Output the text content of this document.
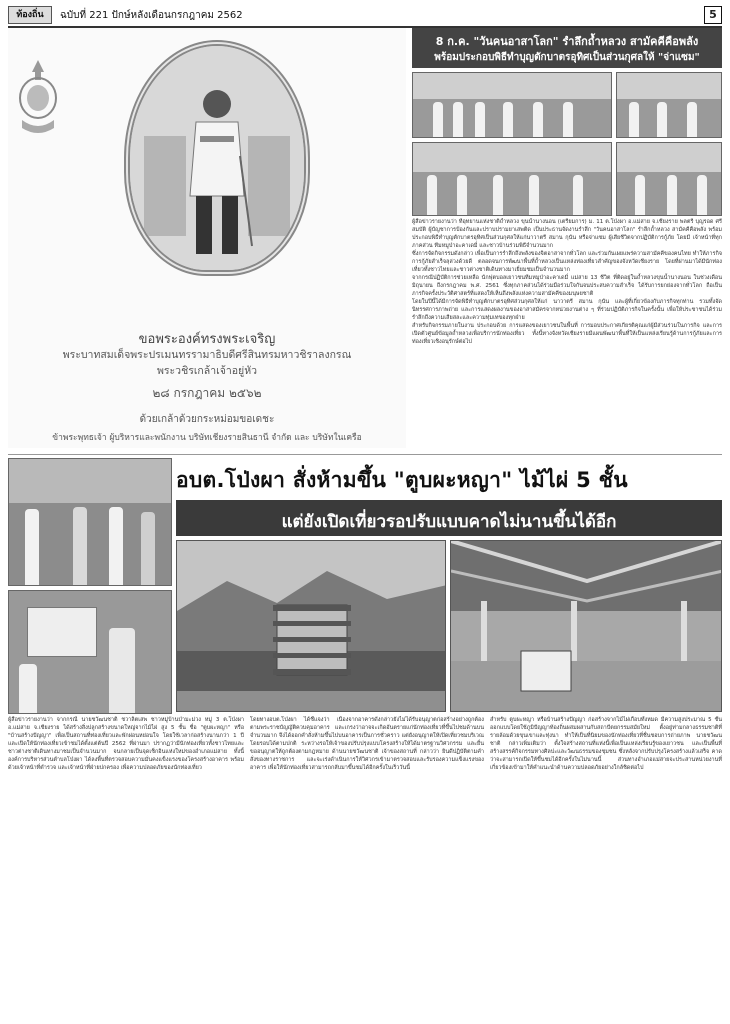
ท้องถิ่น	ฉบับที่ 221 ปักษ์หลังเดือนกรกฎาคม 2562	5
ขอพระองค์ทรงพระเจริญ
พระบาทสมเด็จพระปรเมนทรรามาธิบดีศรีสินทรมหาวชิราลงกรณ
พระวชิรเกล้าเจ้าอยู่หัว
๒๘ กรกฎาคม ๒๕๖๒
ด้วยเกล้าด้วยกระหม่อมขอเดชะ
ข้าพระพุทธเจ้า ผู้บริหารและพนักงาน บริษัทเชียงรายสินธานี จำกัด และ บริษัทในเครือ
8 ก.ค. "วันคนอาสาโลก" รำลึกถ้ำหลวง สามัคคีคือพลัง
พร้อมประกอบพิธีทำบุญตักบาตรอุทิศเป็นส่วนกุศลให้ "จ่าแซม"

ผู้สื่อข่าวรายงานว่า ที่อุทยานแห่งชาติถ้ำหลวง ขุนน้ำนางนอน (เตรียมการ) ม. 11 ต.โป่งผา อ.แม่สาย จ.เชียงราย พลตรี บุญรอด ศรีสมบัติ ผู้บัญชาการป้องกันและปราบปรามยาเสพติด เป็นประธานจัดงานรำลึก "วันคนอาสาโลก" รำลึกถ้ำหลวง สามัคคีคือพลัง พร้อมประกอบพิธีทำบุญตักบาตรอุทิศเป็นส่วนกุศลให้แก่นาวาตรี สมาน กุนัน หรือจ่าแซม ผู้เสียชีวิตจากปฏิบัติการกู้ภัย โดยมี เจ้าหน้าที่ทุกภาคส่วน ทีมหมูป่าอะคาเดมี่ และชาวบ้านร่วมพิธีจำนวนมาก

ซึ่งการจัดกิจกรรมดังกล่าว เพื่อเป็นการรำลึกถึงพลังของจิตอาสาจากทั่วโลก และร่วมกันเผยแพร่ความสามัคคีของคนไทย ทำให้ภารกิจการกู้ภัยสำเร็จลุล่วงด้วยดี ตลอดจนการพัฒนาพื้นที่ถ้ำหลวงเป็นแหล่งท่องเที่ยวสำคัญของจังหวัดเชียงราย โดยที่ผ่านมาได้มีนักท่องเที่ยวทั้งชาวไทยและชาวต่างชาติเดินทางมาเยี่ยมชมเป็นจำนวนมาก

จากกรณีปฏิบัติการช่วยเหลือ นักฟุตบอลเยาวชนทีมหมูป่าอะคาเดมี่ แม่สาย 13 ชีวิต ที่ติดอยู่ในถ้ำหลวงขุนน้ำนางนอน ในช่วงเดือนมิถุนายน ถึงกรกฎาคม พ.ศ. 2561 ซึ่งทุกภาคส่วนได้ร่วมมือร่วมใจกันจนประสบความสำเร็จ ได้รับการยกย่องจากทั่วโลก ถือเป็นภารกิจครั้งประวัติศาสตร์ที่แสดงให้เห็นถึงพลังแห่งความสามัคคีของมนุษยชาติ

โดยในปีนี้ได้มีการจัดพิธีทำบุญตักบาตรอุทิศส่วนกุศลให้แก่ นาวาตรี สมาน กุนัน และผู้ที่เกี่ยวข้องกับภารกิจทุกท่าน รวมทั้งจัดนิทรรศการภาพถ่าย และการแสดงผลงานของอาสาสมัครจากหน่วยงานต่าง ๆ ที่ร่วมปฏิบัติภารกิจในครั้งนั้น เพื่อให้ประชาชนได้ร่วมรำลึกถึงความเสียสละและความทุ่มเทของทุกฝ่าย

สำหรับกิจกรรมภายในงาน ประกอบด้วย การแสดงของเยาวชนในพื้นที่ การมอบประกาศเกียรติคุณแก่ผู้มีส่วนร่วมในภารกิจ และการเปิดตัวศูนย์ข้อมูลถ้ำหลวงเพื่อบริการนักท่องเที่ยว ทั้งนี้ทางจังหวัดเชียงรายมีแผนพัฒนาพื้นที่ให้เป็นแหล่งเรียนรู้ด้านการกู้ภัยและการท่องเที่ยวเชิงอนุรักษ์ต่อไป

อบต.โป่งผา สั่งห้ามขึ้น "ตูบผะหญา" ไม้ไผ่ 5 ชั้น
แต่ยังเปิดเที่ยวรอปรับแบบคาดไม่นานขึ้นได้อีก
ผู้สื่อข่าวรายงานว่า จากกรณี นายชวัฒนชาติ ชวาลิตเสพ ชาวหมู่บ้านป่ามะม่วง หมู่ 3 ต.โป่งผา อ.แม่สาย จ.เชียงราย ได้สร้างสิ่งปลูกสร้างขนาดใหญ่จากไม้ไผ่ สูง 5 ชั้น ชื่อ "ตูบผะหญา" หรือ "บ้านสร้างปัญญา" เพื่อเป็นสถานที่ท่องเที่ยวและพักผ่อนหย่อนใจ โดยใช้เวลาก่อสร้างนานกว่า 1 ปี และเปิดให้นักท่องเที่ยวเข้าชมได้ตั้งแต่ต้นปี 2562 ที่ผ่านมา ปรากฏว่ามีนักท่องเที่ยวทั้งชาวไทยและชาวต่างชาติเดินทางมาชมเป็นจำนวนมาก จนกลายเป็นจุดเช็กอินแห่งใหม่ของอำเภอแม่สาย ทั้งนี้ องค์การบริหารส่วนตำบลโป่งผา ได้ลงพื้นที่ตรวจสอบความมั่นคงแข็งแรงของโครงสร้างอาคาร พร้อมด้วยเจ้าหน้าที่ตำรวจ และเจ้าหน้าที่ฝ่ายปกครอง เพื่อความปลอดภัยของนักท่องเที่ยว
โดยทางอบต.โป่งผา ได้ชี้แจงว่า เนื่องจากอาคารดังกล่าวยังไม่ได้รับอนุญาตก่อสร้างอย่างถูกต้องตามพระราชบัญญัติควบคุมอาคาร และเกรงว่าอาจจะเกิดอันตรายแก่นักท่องเที่ยวที่ขึ้นไปชมด้านบนจำนวนมาก จึงได้ออกคำสั่งห้ามขึ้นไปบนอาคารเป็นการชั่วคราว แต่ยังอนุญาตให้เปิดเที่ยวชมบริเวณโดยรอบได้ตามปกติ ระหว่างรอให้เจ้าของปรับปรุงแบบโครงสร้างให้ได้มาตรฐานวิศวกรรม และยื่นขออนุญาตให้ถูกต้องตามกฎหมาย ด้านนายชวัฒนชาติ เจ้าของสถานที่ กล่าวว่า ยินดีปฏิบัติตามคำสั่งของทางราชการ และจะเร่งดำเนินการให้วิศวกรเข้ามาตรวจสอบและรับรองความแข็งแรงของอาคาร เพื่อให้นักท่องเที่ยวสามารถกลับมาขึ้นชมได้อีกครั้งในเร็ววันนี้
สำหรับ ตูบผะหญา หรือบ้านสร้างปัญญา ก่อสร้างจากไม้ไผ่เกือบทั้งหมด มีความสูงประมาณ 5 ชั้น ออกแบบโดยใช้ภูมิปัญญาท้องถิ่นผสมผสานกับสถาปัตยกรรมสมัยใหม่ ตั้งอยู่ท่ามกลางธรรมชาติที่รายล้อมด้วยขุนเขาและทุ่งนา ทำให้เป็นที่นิยมของนักท่องเที่ยวที่ชื่นชอบการถ่ายภาพ นายชวัฒนชาติ กล่าวเพิ่มเติมว่า ตั้งใจสร้างสถานที่แห่งนี้เพื่อเป็นแหล่งเรียนรู้ของเยาวชน และเป็นพื้นที่สร้างสรรค์กิจกรรมทางศิลปะและวัฒนธรรมของชุมชน ซึ่งหลังจากปรับปรุงโครงสร้างแล้วเสร็จ คาดว่าจะสามารถเปิดให้ขึ้นชมได้อีกครั้งในไม่นานนี้ ส่วนทางอำเภอแม่สายจะประสานหน่วยงานที่เกี่ยวข้องเข้ามาให้คำแนะนำด้านความปลอดภัยอย่างใกล้ชิดต่อไป
